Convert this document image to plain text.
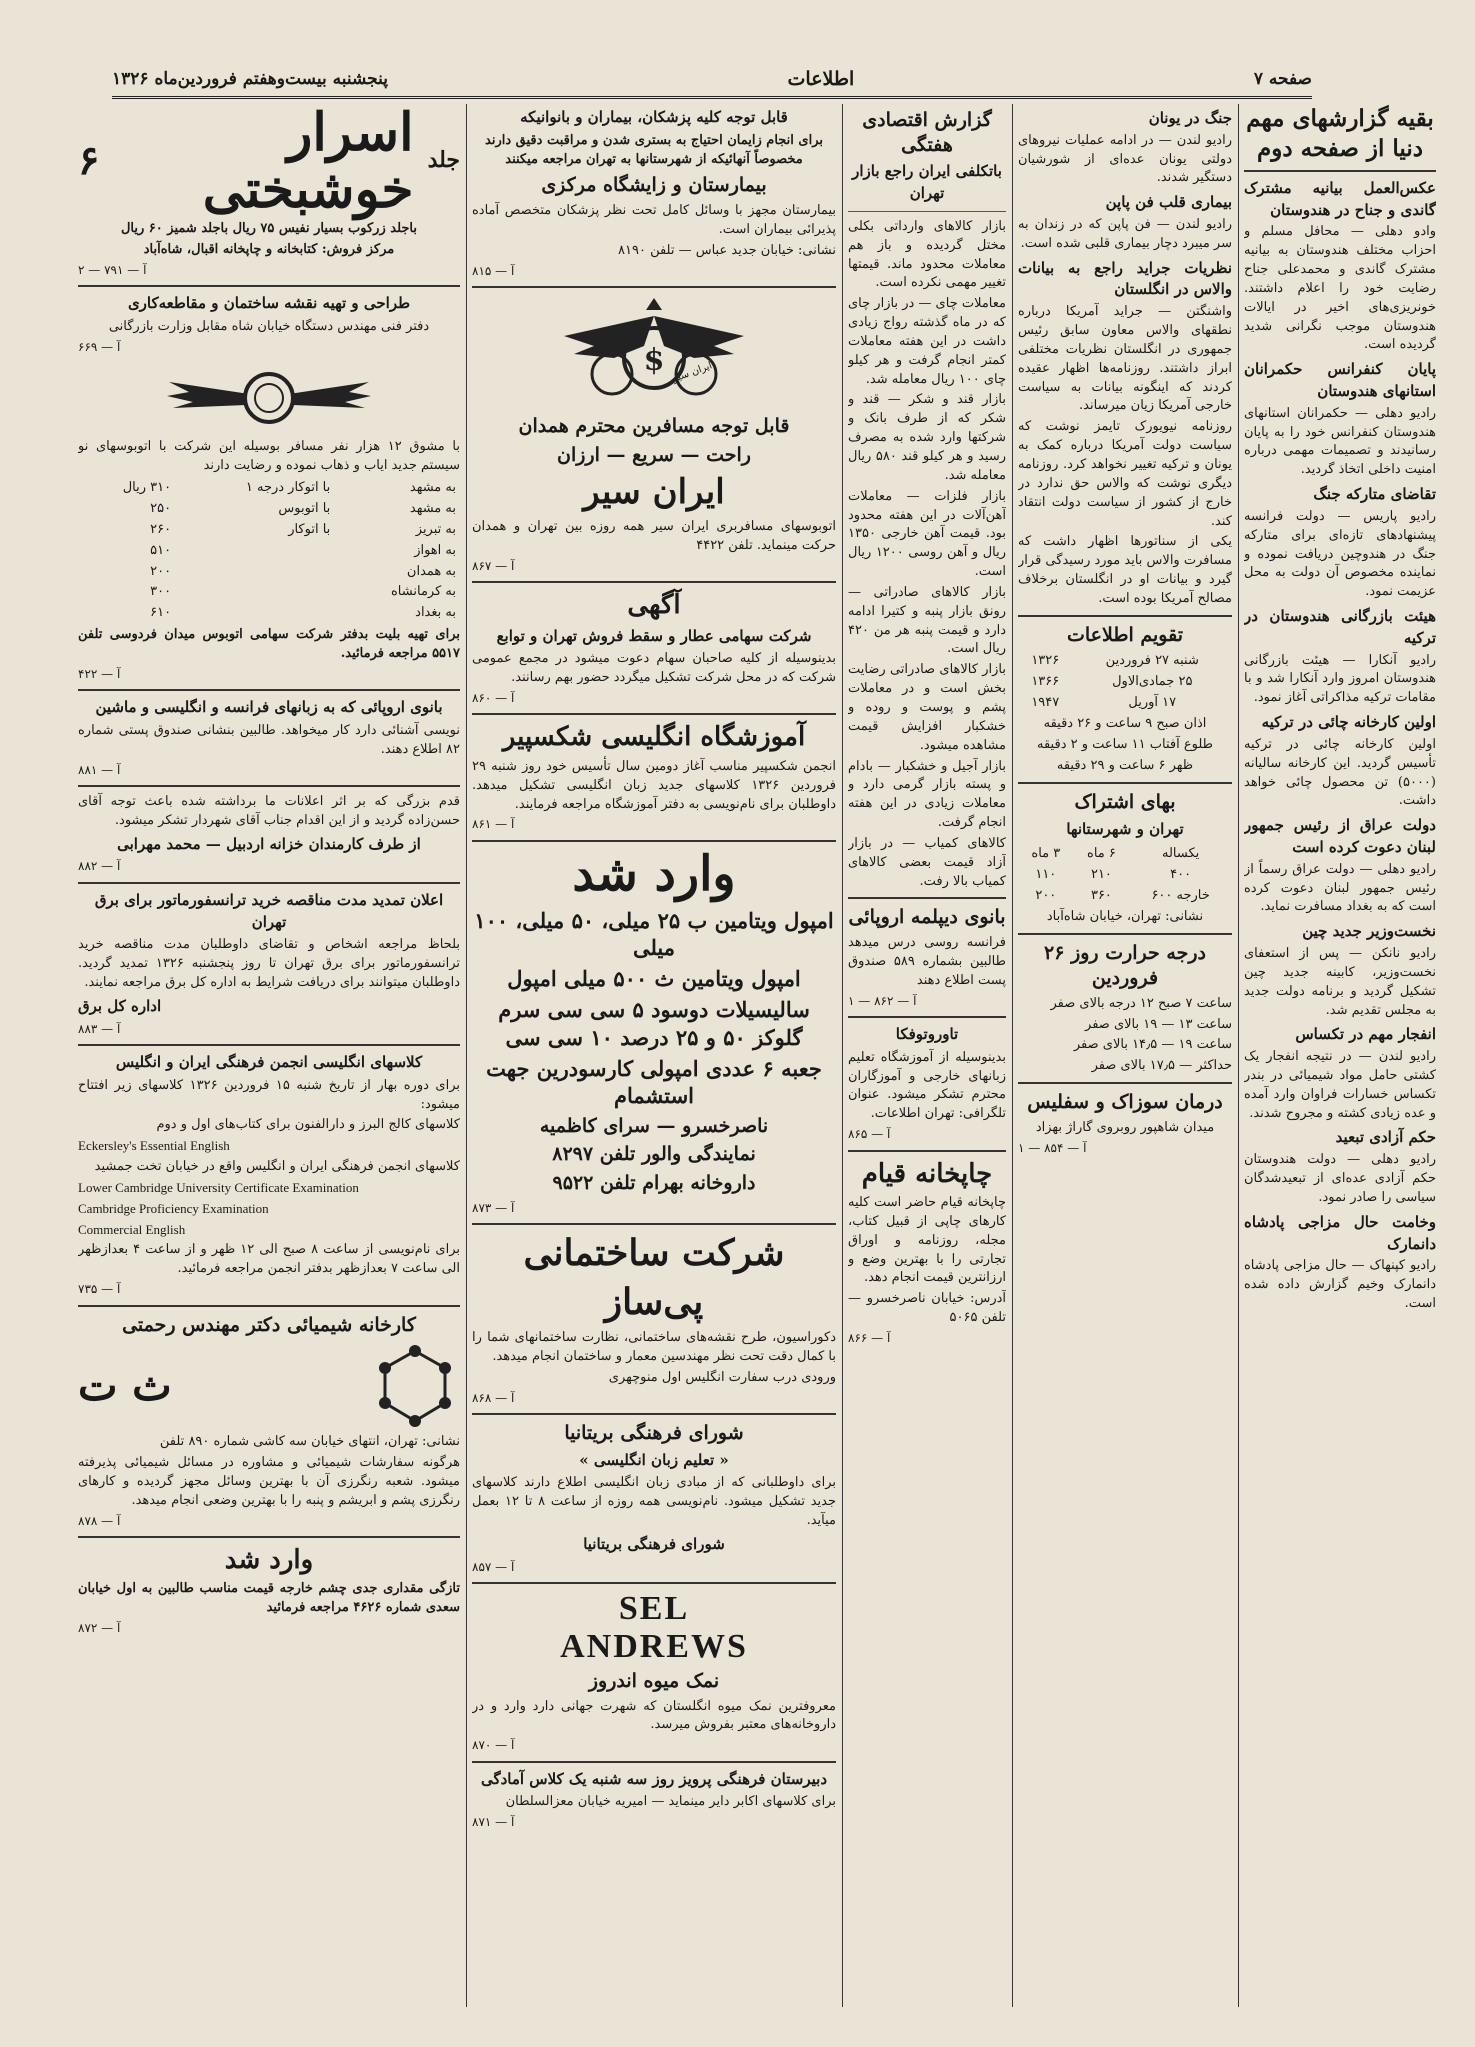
صفحه ۷
اطلاعات
پنجشنبه بیست‌وهفتم فروردین‌ماه ۱۳۲۶
بقیه گزارشهای مهم دنیا از صفحه دوم
عکس‌العمل بیانیه مشترک گاندی و جناح در هندوستان
وادو دهلی — محافل مسلم و احزاب مختلف هندوستان به بیانیه مشترک گاندی و محمدعلی جناح رضایت خود را اعلام داشتند. خونریزی‌های اخیر در ایالات هندوستان موجب نگرانی شدید گردیده است.
پایان کنفرانس حکمرانان استانهای هندوستان
رادیو دهلی — حکمرانان استانهای هندوستان کنفرانس خود را به پایان رسانیدند و تصمیمات مهمی درباره امنیت داخلی اتخاذ گردید.
تقاضای متارکه جنگ
رادیو پاریس — دولت فرانسه پیشنهادهای تازه‌ای برای متارکه جنگ در هندوچین دریافت نموده و نماینده مخصوص آن دولت به محل عزیمت نمود.
هیئت بازرگانی هندوستان در ترکیه
رادیو آنکارا — هیئت بازرگانی هندوستان امروز وارد آنکارا شد و با مقامات ترکیه مذاکراتی آغاز نمود.
اولین کارخانه چائی در ترکیه
اولین کارخانه چائی در ترکیه تأسیس گردید. این کارخانه سالیانه (۵۰۰۰) تن محصول چائی خواهد داشت.
دولت عراق از رئیس جمهور لبنان دعوت کرده است
رادیو دهلی — دولت عراق رسماً از رئیس جمهور لبنان دعوت کرده است که به بغداد مسافرت نماید.
نخست‌وزیر جدید چین
رادیو نانکن — پس از استعفای نخست‌وزیر، کابینه جدید چین تشکیل گردید و برنامه دولت جدید به مجلس تقدیم شد.
انفجار مهم در تکساس
رادیو لندن — در نتیجه انفجار یک کشتی حامل مواد شیمیائی در بندر تکساس خسارات فراوان وارد آمده و عده زیادی کشته و مجروح شدند.
حکم آزادی تبعید
رادیو دهلی — دولت هندوستان حکم آزادی عده‌ای از تبعیدشدگان سیاسی را صادر نمود.
وخامت حال مزاجی پادشاه دانمارک
رادیو کپنهاک — حال مزاجی پادشاه دانمارک وخیم گزارش داده شده است.
جنگ در یونان
رادیو لندن — در ادامه عملیات نیروهای دولتی یونان عده‌ای از شورشیان دستگیر شدند.
بیماری قلب فن پاپن
رادیو لندن — فن پاپن که در زندان به سر میبرد دچار بیماری قلبی شده است.
نظریات جراید راجع به بیانات والاس در انگلستان
واشنگتن — جراید آمریکا درباره نطقهای والاس معاون سابق رئیس جمهوری در انگلستان نظریات مختلفی ابراز داشتند. روزنامه‌ها اظهار عقیده کردند که اینگونه بیانات به سیاست خارجی آمریکا زیان میرساند.
روزنامه نیویورک تایمز نوشت که سیاست دولت آمریکا درباره کمک به یونان و ترکیه تغییر نخواهد کرد. روزنامه دیگری نوشت که والاس حق ندارد در خارج از کشور از سیاست دولت انتقاد کند.
یکی از سناتورها اظهار داشت که مسافرت والاس باید مورد رسیدگی قرار گیرد و بیانات او در انگلستان برخلاف مصالح آمریکا بوده است.
تقویم اطلاعات
شنبه ۲۷ فروردین	۱۳۲۶
۲۵ جمادی‌الاول	۱۳۶۶
۱۷ آوریل	۱۹۴۷
اذان صبح ۹ ساعت و ۲۶ دقیقه	
طلوع آفتاب ۱۱ ساعت و ۲ دقیقه	
ظهر ۶ ساعت و ۲۹ دقیقه	
بهای اشتراک
تهران و شهرستانها
یکساله	۶ ماه	۳ ماه
۴۰۰	۲۱۰	۱۱۰
خارجه ۶۰۰	۳۶۰	۲۰۰
نشانی: تهران، خیابان شاه‌آباد
درجه حرارت روز ۲۶ فروردین
ساعت ۷ صبح ۱۲ درجه بالای صفر
ساعت ۱۳ — ۱۹ بالای صفر
ساعت ۱۹ — ۱۴٫۵ بالای صفر
حداکثر — ۱۷٫۵ بالای صفر
درمان سوزاک و سفلیس
میدان شاهپور روبروی گاراژ بهزاد
آ — ۸۵۴ — ۱
گزارش اقتصادی هفتگی
باتکلفی ایران راجع بازار تهران
بازار کالاهای وارداتی بکلی مختل گردیده و باز هم معاملات محدود ماند. قیمتها تغییر مهمی نکرده است.
معاملات چای — در بازار چای که در ماه گذشته رواج زیادی داشت در این هفته معاملات کمتر انجام گرفت و هر کیلو چای ۱۰۰ ریال معامله شد.
بازار قند و شکر — قند و شکر که از طرف بانک و شرکتها وارد شده به مصرف رسید و هر کیلو قند ۵۸۰ ریال معامله شد.
بازار فلزات — معاملات آهن‌آلات در این هفته محدود بود. قیمت آهن خارجی ۱۳۵۰ ریال و آهن روسی ۱۲۰۰ ریال است.
بازار کالاهای صادراتی — رونق بازار پنبه و کتیرا ادامه دارد و قیمت پنبه هر من ۴۲۰ ریال است.
بازار کالاهای صادراتی رضایت بخش است و در معاملات پشم و پوست و روده و خشکبار افزایش قیمت مشاهده میشود.
بازار آجیل و خشکبار — بادام و پسته بازار گرمی دارد و معاملات زیادی در این هفته انجام گرفت.
کالاهای کمیاب — در بازار آزاد قیمت بعضی کالاهای کمیاب بالا رفت.
بانوی دیپلمه اروپائی
فرانسه روسی درس میدهد طالبین بشماره ۵۸۹ صندوق پست اطلاع دهند
آ — ۸۶۲ — ۱
تاوروتوفکا
بدینوسیله از آموزشگاه تعلیم زبانهای خارجی و آموزگاران محترم تشکر میشود. عنوان تلگرافی: تهران اطلاعات.
آ — ۸۶۵
چاپخانه قیام
چاپخانه قیام حاضر است کلیه کارهای چاپی از قبیل کتاب، مجله، روزنامه و اوراق تجارتی را با بهترین وضع و ارزانترین قیمت انجام دهد.
آدرس: خیابان ناصرخسرو — تلفن ۵۰۶۵
آ — ۸۶۶
قابل توجه کلیه پزشکان، بیماران و بانوانیکه
برای انجام زایمان احتیاج به بستری شدن و مراقبت دقیق دارند مخصوصاً آنهائیکه از شهرستانها به تهران مراجعه میکنند
بیمارستان و زایشگاه مرکزی
بیمارستان مجهز با وسائل کامل تحت نظر پزشکان متخصص آماده پذیرائی بیماران است.
نشانی: خیابان جدید عباس — تلفن ۸۱۹۰
آ — ۸۱۵
$ ایران سیر
قابل توجه مسافرین محترم همدان
راحت — سریع — ارزان
ایران سیر
اتوبوسهای مسافربری ایران سیر همه روزه بین تهران و همدان حرکت مینماید. تلفن ۴۴۲۲
آ — ۸۶۷
آگهی
شرکت سهامی عطار و سقط فروش تهران و توابع
بدینوسیله از کلیه صاحبان سهام دعوت میشود در مجمع عمومی شرکت که در محل شرکت تشکیل میگردد حضور بهم رسانند.
آ — ۸۶۰
آموزشگاه انگلیسی شکسپیر
انجمن شکسپیر مناسب آغاز دومین سال تأسیس خود روز شنبه ۲۹ فروردین ۱۳۲۶ کلاسهای جدید زبان انگلیسی تشکیل میدهد. داوطلبان برای نام‌نویسی به دفتر آموزشگاه مراجعه فرمایند.
آ — ۸۶۱
وارد شد
امپول ویتامین ب ۲۵ میلی، ۵۰ میلی، ۱۰۰ میلی
امپول ویتامین ث ۵۰۰ میلی امپول
سالیسیلات دوسود ۵ سی سی سرم گلوکز ۵۰ و ۲۵ درصد ۱۰ سی سی
جعبه ۶ عددی امپولی کارسودرین جهت استشمام
ناصرخسرو — سرای کاظمیه
نمایندگی والور تلفن ۸۲۹۷
داروخانه بهرام تلفن ۹۵۲۲
آ — ۸۷۳
شرکت ساختمانی
پی‌ساز
دکوراسیون، طرح نقشه‌های ساختمانی، نظارت ساختمانهای شما را با کمال دقت تحت نظر مهندسین معمار و ساختمان انجام میدهد.
ورودی درب سفارت انگلیس اول منوچهری
آ — ۸۶۸
شورای فرهنگی بریتانیا
« تعلیم زبان انگلیسی »
برای داوطلبانی که از مبادی زبان انگلیسی اطلاع دارند کلاسهای جدید تشکیل میشود. نام‌نویسی همه روزه از ساعت ۸ تا ۱۲ بعمل میآید.
شورای فرهنگی بریتانیا
آ — ۸۵۷
SEL
ANDREWS
نمک میوه اندروز
معروفترین نمک میوه انگلستان که شهرت جهانی دارد وارد و در داروخانه‌های معتبر بفروش میرسد.
آ — ۸۷۰
دبیرستان فرهنگی پرویز روز سه شنبه یک کلاس آمادگی
برای کلاسهای اکابر دایر مینماید — امیریه خیابان معزالسلطان
آ — ۸۷۱
جلد
اسرار خوشبختی
۶
باجلد زرکوب بسیار نفیس ۷۵ ریال باجلد شمیز ۶۰ ریال
مرکز فروش: کتابخانه و چاپخانه اقبال، شاه‌آباد
آ — ۷۹۱ — ۲
طراحی و تهیه نقشه ساختمان و مقاطعه‌کاری
دفتر فنی مهندس دستگاه خیابان شاه مقابل وزارت بازرگانی
آ — ۶۶۹
با مشوق ۱۲ هزار نفر مسافر بوسیله این شرکت با اتوبوسهای نو سیستم جدید ایاب و ذهاب نموده و رضایت دارند
به مشهد	با اتوکار درجه ۱	۳۱۰ ریال
به مشهد	با اتوبوس	۲۵۰
به تبریز	با اتوکار	۲۶۰
به اهواز		۵۱۰
به همدان		۲۰۰
به کرمانشاه		۳۰۰
به بغداد		۶۱۰
برای تهیه بلیت بدفتر شرکت سهامی اتوبوس میدان فردوسی تلفن ۵۵۱۷ مراجعه فرمائید.
آ — ۴۲۲
بانوی اروپائی که به زبانهای فرانسه و انگلیسی و ماشین
نویسی آشنائی دارد کار میخواهد. طالبین بنشانی صندوق پستی شماره ۸۲ اطلاع دهند.
آ — ۸۸۱
قدم بزرگی که بر اثر اعلانات ما برداشته شده باعث توجه آقای حسن‌زاده گردید و از این اقدام جناب آقای شهردار تشکر میشود.
از طرف کارمندان خزانه اردبیل — محمد مهرابی
آ — ۸۸۲
اعلان تمدید مدت مناقصه خرید ترانسفورماتور برای برق تهران
بلحاظ مراجعه اشخاص و تقاضای داوطلبان مدت مناقصه خرید ترانسفورماتور برای برق تهران تا روز پنجشنبه ۱۳۲۶ تمدید گردید. داوطلبان میتوانند برای دریافت شرایط به اداره کل برق مراجعه نمایند.
اداره کل برق
آ — ۸۸۳
کلاسهای انگلیسی انجمن فرهنگی ایران و انگلیس
برای دوره بهار از تاریخ شنبه ۱۵ فروردین ۱۳۲۶ کلاسهای زیر افتتاح میشود:
کلاسهای کالج البرز و دارالفنون برای کتاب‌های اول و دوم
Eckersley's Essential English
کلاسهای انجمن فرهنگی ایران و انگلیس واقع در خیابان تخت جمشید
Lower Cambridge University Certificate Examination
Cambridge Proficiency Examination
Commercial English
برای نام‌نویسی از ساعت ۸ صبح الی ۱۲ ظهر و از ساعت ۴ بعدازظهر الی ساعت ۷ بعدازظهر بدفتر انجمن مراجعه فرمائید.
آ — ۷۳۵
کارخانه شیمیائی دکتر مهندس رحمتی
ث ت
نشانی: تهران، انتهای خیابان سه کاشی شماره ۸۹۰ تلفن
هرگونه سفارشات شیمیائی و مشاوره در مسائل شیمیائی پذیرفته میشود. شعبه رنگرزی آن با بهترین وسائل مجهز گردیده و کارهای رنگرزی پشم و ابریشم و پنبه را با بهترین وضعی انجام میدهد.
آ — ۸۷۸
وارد شد
تازگی مقداری جدی چشم خارجه قیمت مناسب طالبین به اول خیابان سعدی شماره ۴۶۲۶ مراجعه فرمائید
آ — ۸۷۲
